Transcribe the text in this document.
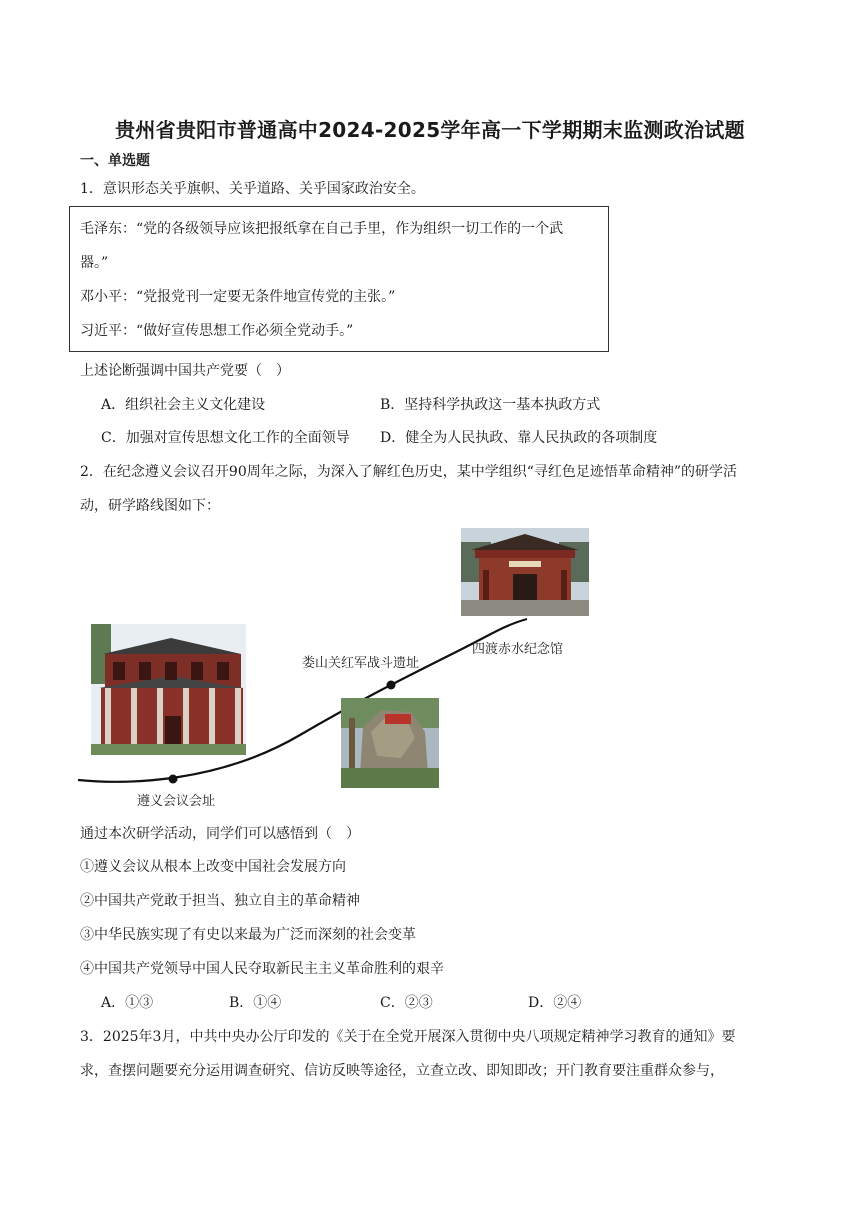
贵州省贵阳市普通高中2024-2025学年高一下学期期末监测政治试题
一、单选题
1．意识形态关乎旗帜、关乎道路、关乎国家政治安全。
毛泽东：“党的各级领导应该把报纸拿在自己手里，作为组织一切工作的一个武
器。”
邓小平：“党报党刊一定要无条件地宣传党的主张。”
习近平：“做好宣传思想工作必须全党动手。”
上述论断强调中国共产党要（　）
A．组织社会主义文化建设	B．坚持科学执政这一基本执政方式
C．加强对宣传思想文化工作的全面领导 D．健全为人民执政、靠人民执政的各项制度
2．在纪念遵义会议召开90周年之际，为深入了解红色历史，某中学组织“寻红色足迹悟革命精神”的研学活
动，研学路线图如下：
四渡赤水纪念馆
遵义会议会址
娄山关红军战斗遗址
通过本次研学活动，同学们可以感悟到（　）
①遵义会议从根本上改变中国社会发展方向
②中国共产党敢于担当、独立自主的革命精神
③中华民族实现了有史以来最为广泛而深刻的社会变革
④中国共产党领导中国人民夺取新民主主义革命胜利的艰辛
A．①③	B．①④	C．②③	D．②④
3．2025年3月，中共中央办公厅印发的《关于在全党开展深入贯彻中央八项规定精神学习教育的通知》要
求，查摆问题要充分运用调查研究、信访反映等途径，立查立改、即知即改；开门教育要注重群众参与，
